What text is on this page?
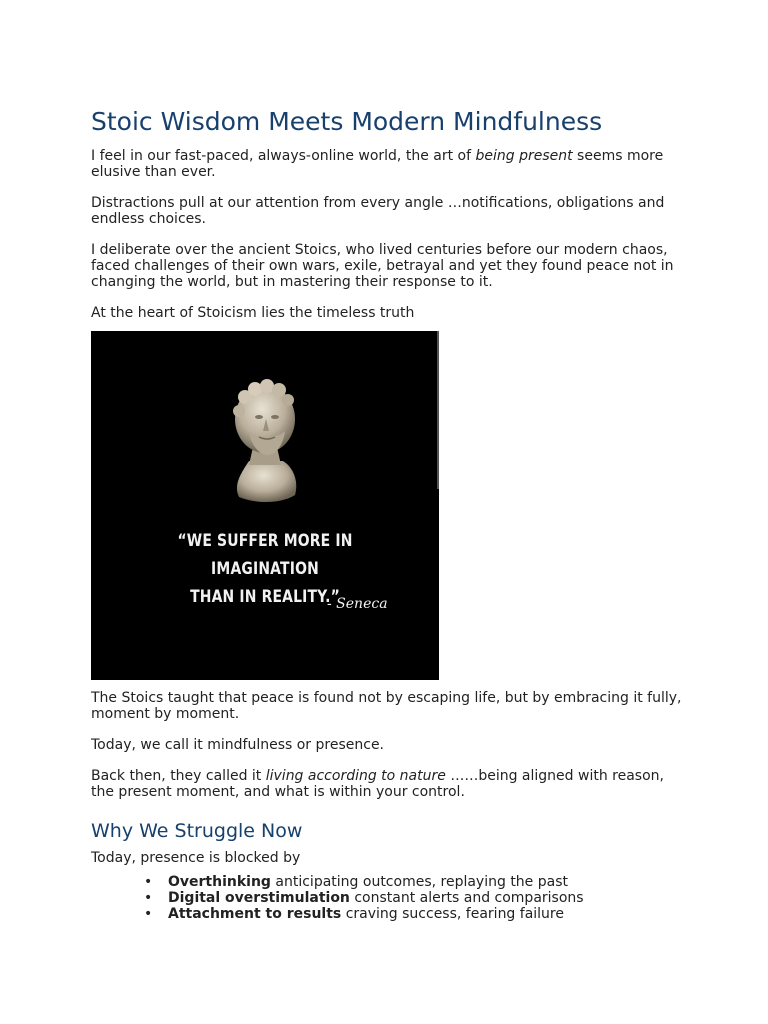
Stoic Wisdom Meets Modern Mindfulness

I feel in our fast-paced, always-online world, the art of being present seems more elusive than ever.

Distractions pull at our attention from every angle …notifications, obligations and endless choices.

I deliberate over the ancient Stoics, who lived centuries before our modern chaos, faced challenges of their own wars, exile, betrayal and yet they found peace not in changing the world, but in mastering their response to it.

At the heart of Stoicism lies the timeless truth

“WE SUFFER MORE IN IMAGINATION
THAN IN REALITY.”
- Seneca

The Stoics taught that peace is found not by escaping life, but by embracing it fully, moment by moment.

Today, we call it mindfulness or presence.

Back then, they called it living according to nature ……being aligned with reason, the present moment, and what is within your control.

Why We Struggle Now

Today, presence is blocked by

• Overthinking anticipating outcomes, replaying the past
• Digital overstimulation constant alerts and comparisons
• Attachment to results craving success, fearing failure
